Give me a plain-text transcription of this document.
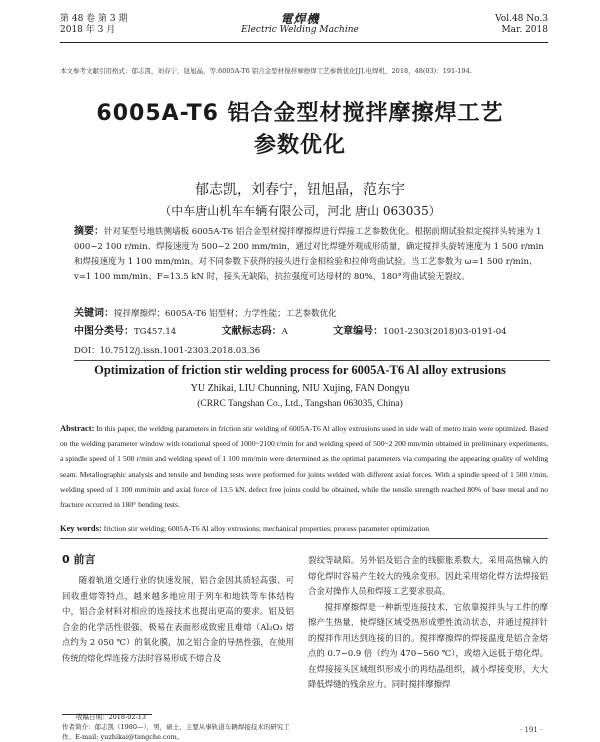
第 48 卷 第 3 期
2018 年 3 月
電焊機
Electric Welding Machine
Vol.48 No.3
Mar. 2018
本文参考文献引用格式：郁志凯，刘春宁，钮旭晶，等.6005A-T6 铝合金型材搅拌摩擦焊工艺参数优化[J].电焊机，2018，48(03)：191-194.
6005A-T6 铝合金型材搅拌摩擦焊工艺
参数优化
郁志凯，刘春宁，钮旭晶，范东宇
（中车唐山机车车辆有限公司，河北 唐山 063035）
摘要：针对某型号地铁侧墙板 6005A-T6 铝合金型材搅拌摩擦焊进行焊接工艺参数优化。根据前期试验拟定搅拌头转速为 1 000~2 100 r/min、焊接速度为 500~2 200 mm/min，通过对比焊缝外观成形质量，确定搅拌头旋转速度为 1 500 r/min和焊接速度为 1 100 mm/min。对不同参数下获得的接头进行金相检验和拉伸弯曲试验。当工艺参数为 ω=1 500 r/min、v=1 100 mm/min、F=13.5 kN 时，接头无缺陷，抗拉强度可达母材的 80%，180°弯曲试验无裂纹。
关键词：搅拌摩擦焊；6005A-T6 铝型材；力学性能；工艺参数优化
中图分类号：TG457.14	文献标志码：A	文章编号：1001-2303(2018)03-0191-04
DOI：10.7512/j.issn.1001-2303.2018.03.36
Optimization of friction stir welding process for 6005A-T6 Al alloy extrusions
YU Zhikai, LIU Chunning, NIU Xujing, FAN Dongyu
(CRRC Tangshan Co., Ltd., Tangshan 063035, China)
Abstract: In this paper, the welding parameters in friction stir welding of 6005A-T6 Al alloy extrusions used in side wall of metro train were optimized. Based on the welding parameter window with rotational speed of 1000~2100 r/min for and welding speed of 500~2 200 mm/min obtained in preliminary experiments, a spindle speed of 1 500 r/min and welding speed of 1 100 mm/min were determined as the optimal parameters via comparing the appearing quality of welding seam. Metallographic analysis and tensile and bending tests were performed for joints welded with different axial forces. With a spindle speed of 1 500 r/min, welding speed of 1 100 mm/min and axial force of 13.5 kN, defect free joints could be obtained, while the tensile strength reached 80% of base metal and no fracture occurred in 180° bending tests.
Key words: friction stir welding; 6005A-T6 Al alloy extrusions; mechanical properties; process parameter optimization
0 前言

随着轨道交通行业的快速发展，铝合金因其质轻高强、可回收重熔等特点，越来越多地应用于列车和地铁等车体结构中，铝合金材料对相应的连接技术也提出更高的要求。铝及铝合金的化学活性很强，极易在表面形成致密且难熔（Al₂O₃ 熔点约为 2 050 ℃）的氧化膜，加之铝合金的导热性强，在使用传统的熔化焊连接方法时容易形成不熔合及

裂纹等缺陷。另外铝及铝合金的线膨胀系数大，采用高热输入的熔化焊时容易产生较大的残余变形。因此采用熔化焊方法焊接铝合金对操作人员和焊接工艺要求很高。

搅拌摩擦焊是一种新型连接技术，它依靠搅拌头与工件的摩擦产生热量，使焊缝区域受热形成塑性流动状态，并通过搅拌针的搅拌作用达到连接的目的。搅拌摩擦焊的焊接温度是铝合金熔点的 0.7~0.9 倍（约为 470~560 ℃），或熔入远低于熔化焊。在焊接接头区域组织形成小的再结晶组织，减小焊接变形，大大降低焊缝的残余应力。同时搅拌摩擦焊

收稿日期：2018-02-13
作者简介：郁志凯（1980—），男，硕士，主要从事轨道车辆焊接技术的研究工作。E-mail: yuzhikai@tangche.com。
· 191 ·
